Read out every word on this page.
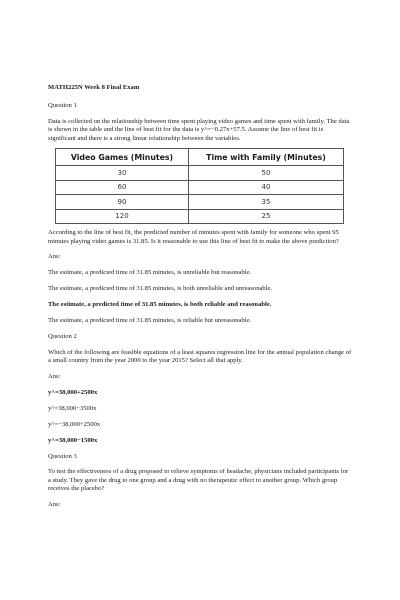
MATH225N Week 8 Final Exam
Question 1
Data is collected on the relationship between time spent playing video games and time spent with family. The data is shown in the table and the line of best fit for the data is y^=−0.27x+57.5. Assume the line of best fit is significant and there is a strong linear relationship between the variables.
Video Games (Minutes)	Time with Family (Minutes)
30	50
60	40
90	35
120	25
According to the line of best fit, the predicted number of minutes spent with family for someone who spent 95 minutes playing video games is 31.85. Is it reasonable to use this line of best fit to make the above prediction?
Ans:
The estimate, a predicted time of 31.85 minutes, is unreliable but reasonable.
The estimate, a predicted time of 31.85 minutes, is both unreliable and unreasonable.
The estimate, a predicted time of 31.85 minutes, is both reliable and reasonable.
The estimate, a predicted time of 31.85 minutes, is reliable but unreasonable.
Question 2
Which of the following are feasible equations of a least squares regression line for the annual population change of a small country from the year 2000 to the year 2015? Select all that apply.
Ans:
y^=38,000+2500x
y^=38,000−3500x
y^=−38,000+2500x
y^=38,000−1500x
Question 3
To test the effectiveness of a drug proposed to relieve symptoms of headache, physicians included participants for a study. They gave the drug to one group and a drug with no therapeutic effect to another group. Which group receives the placebo?
Ans:
